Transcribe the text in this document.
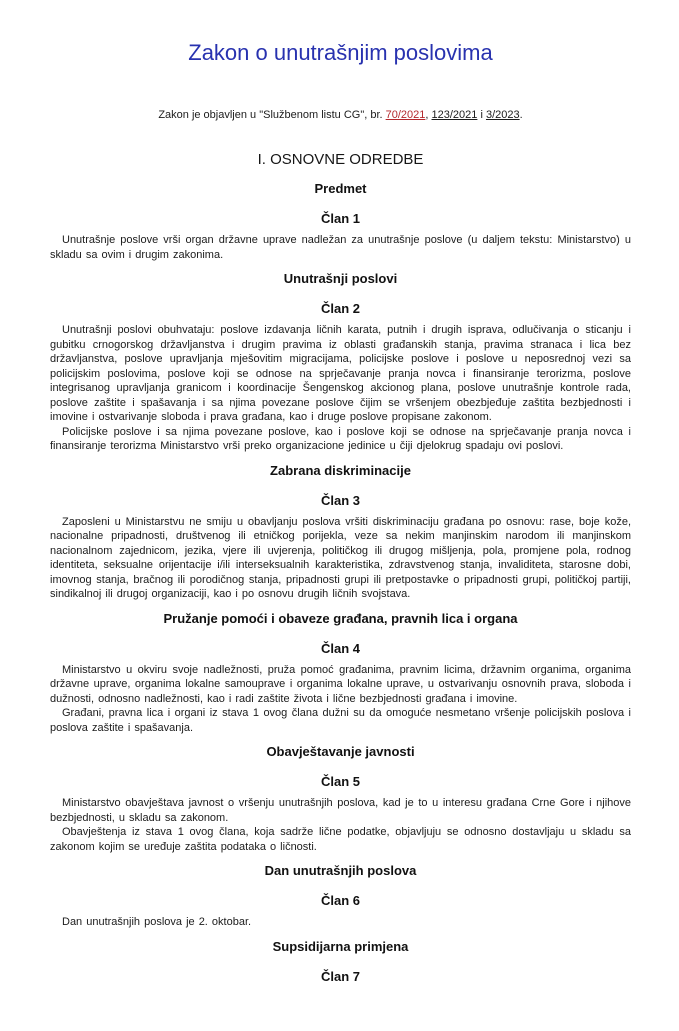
Zakon o unutrašnjim poslovima
Zakon je objavljen u "Službenom listu CG", br. 70/2021, 123/2021 i 3/2023.
I. OSNOVNE ODREDBE
Predmet
Član 1
Unutrašnje poslove vrši organ državne uprave nadležan za unutrašnje poslove (u daljem tekstu: Ministarstvo) u skladu sa ovim i drugim zakonima.
Unutrašnji poslovi
Član 2
Unutrašnji poslovi obuhvataju: poslove izdavanja ličnih karata, putnih i drugih isprava, odlučivanja o sticanju i gubitku crnogorskog državljanstva i drugim pravima iz oblasti građanskih stanja, pravima stranaca i lica bez državljanstva, poslove upravljanja mješovitim migracijama, policijske poslove i poslove u neposrednoj vezi sa policijskim poslovima, poslove koji se odnose na sprječavanje pranja novca i finansiranje terorizma, poslove integrisanog upravljanja granicom i koordinacije Šengenskog akcionog plana, poslove unutrašnje kontrole rada, poslove zaštite i spašavanja i sa njima povezane poslove čijim se vršenjem obezbjeđuje zaštita bezbjednosti i imovine i ostvarivanje sloboda i prava građana, kao i druge poslove propisane zakonom.
Policijske poslove i sa njima povezane poslove, kao i poslove koji se odnose na sprječavanje pranja novca i finansiranje terorizma Ministarstvo vrši preko organizacione jedinice u čiji djelokrug spadaju ovi poslovi.
Zabrana diskriminacije
Član 3
Zaposleni u Ministarstvu ne smiju u obavljanju poslova vršiti diskriminaciju građana po osnovu: rase, boje kože, nacionalne pripadnosti, društvenog ili etničkog porijekla, veze sa nekim manjinskim narodom ili manjinskom nacionalnom zajednicom, jezika, vjere ili uvjerenja, političkog ili drugog mišljenja, pola, promjene pola, rodnog identiteta, seksualne orijentacije i/ili interseksualnih karakteristika, zdravstvenog stanja, invaliditeta, starosne dobi, imovnog stanja, bračnog ili porodičnog stanja, pripadnosti grupi ili pretpostavke o pripadnosti grupi, političkoj partiji, sindikalnoj ili drugoj organizaciji, kao i po osnovu drugih ličnih svojstava.
Pružanje pomoći i obaveze građana, pravnih lica i organa
Član 4
Ministarstvo u okviru svoje nadležnosti, pruža pomoć građanima, pravnim licima, državnim organima, organima državne uprave, organima lokalne samouprave i organima lokalne uprave, u ostvarivanju osnovnih prava, sloboda i dužnosti, odnosno nadležnosti, kao i radi zaštite života i lične bezbjednosti građana i imovine.
Građani, pravna lica i organi iz stava 1 ovog člana dužni su da omoguće nesmetano vršenje policijskih poslova i poslova zaštite i spašavanja.
Obavještavanje javnosti
Član 5
Ministarstvo obavještava javnost o vršenju unutrašnjih poslova, kad je to u interesu građana Crne Gore i njihove bezbjednosti, u skladu sa zakonom.
Obavještenja iz stava 1 ovog člana, koja sadrže lične podatke, objavljuju se odnosno dostavljaju u skladu sa zakonom kojim se uređuje zaštita podataka o ličnosti.
Dan unutrašnjih poslova
Član 6
Dan unutrašnjih poslova je 2. oktobar.
Supsidijarna primjena
Član 7
